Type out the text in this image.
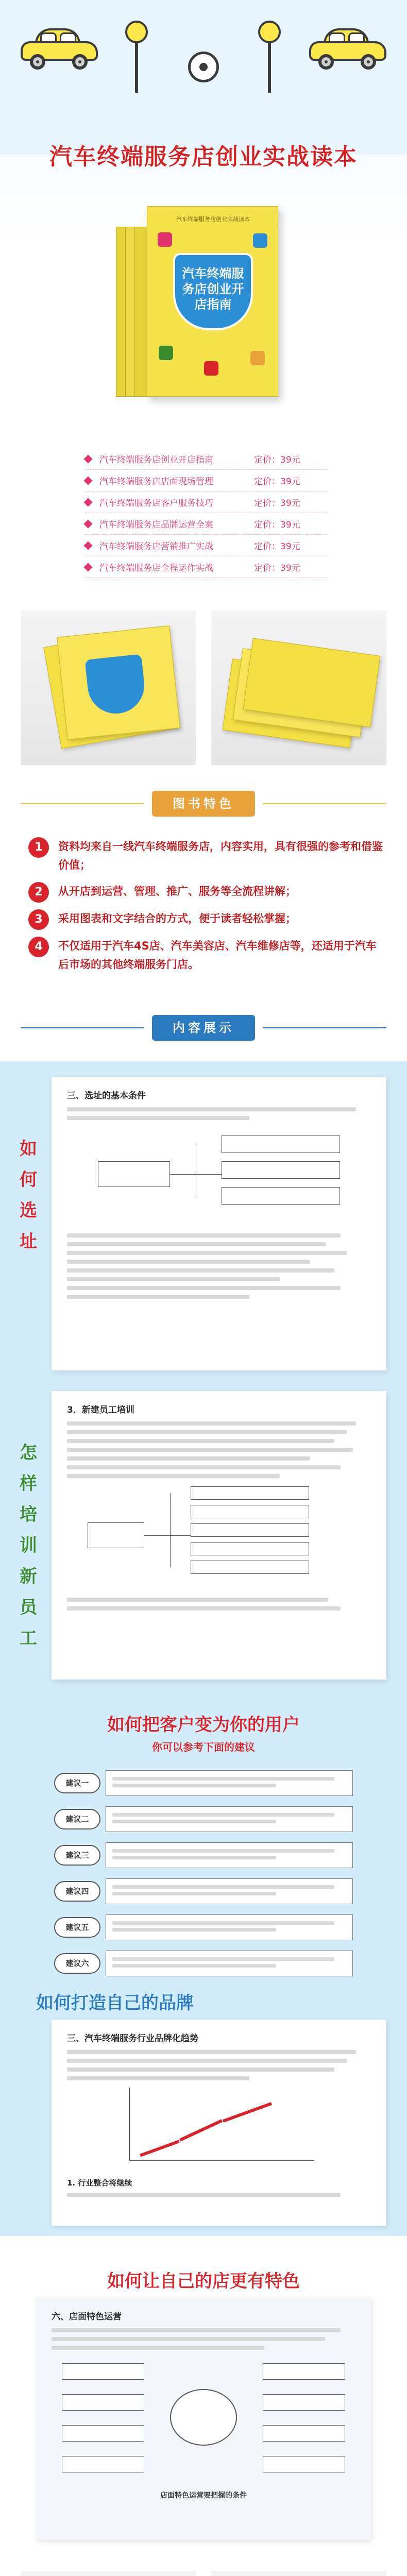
汽车终端服务店创业实战读本
汽车终端服务店创业实战读本
汽车终端服务店创业开店指南
汽车终端服务店创业开店指南	定价：39元
汽车终端服务店店面现场管理	定价：39元
汽车终端服务店客户服务技巧	定价：39元
汽车终端服务店品牌运营全案	定价：39元
汽车终端服务店营销推广实战	定价：39元
汽车终端服务店全程运作实战	定价：39元
图书特色
1	资料均来自一线汽车终端服务店，内容实用，具有很强的参考和借鉴价值；
2	从开店到运营、管理、推广、服务等全流程讲解；
3	采用图表和文字结合的方式，便于读者轻松掌握；
4	不仅适用于汽车4S店、汽车美容店、汽车维修店等，还适用于汽车后市场的其他终端服务门店。
内容展示
三、选址的基本条件
如
何
选
址
3．新建员工培训
怎
样
培
训
新
员
工
如何把客户变为你的用户
你可以参考下面的建议
建议一
建议二
建议三
建议四
建议五
建议六
如何打造自己的品牌
三、汽车终端服务行业品牌化趋势
1. 行业整合将继续
如何让自己的店更有特色
六、店面特色运营
店面特色运营要把握的条件
